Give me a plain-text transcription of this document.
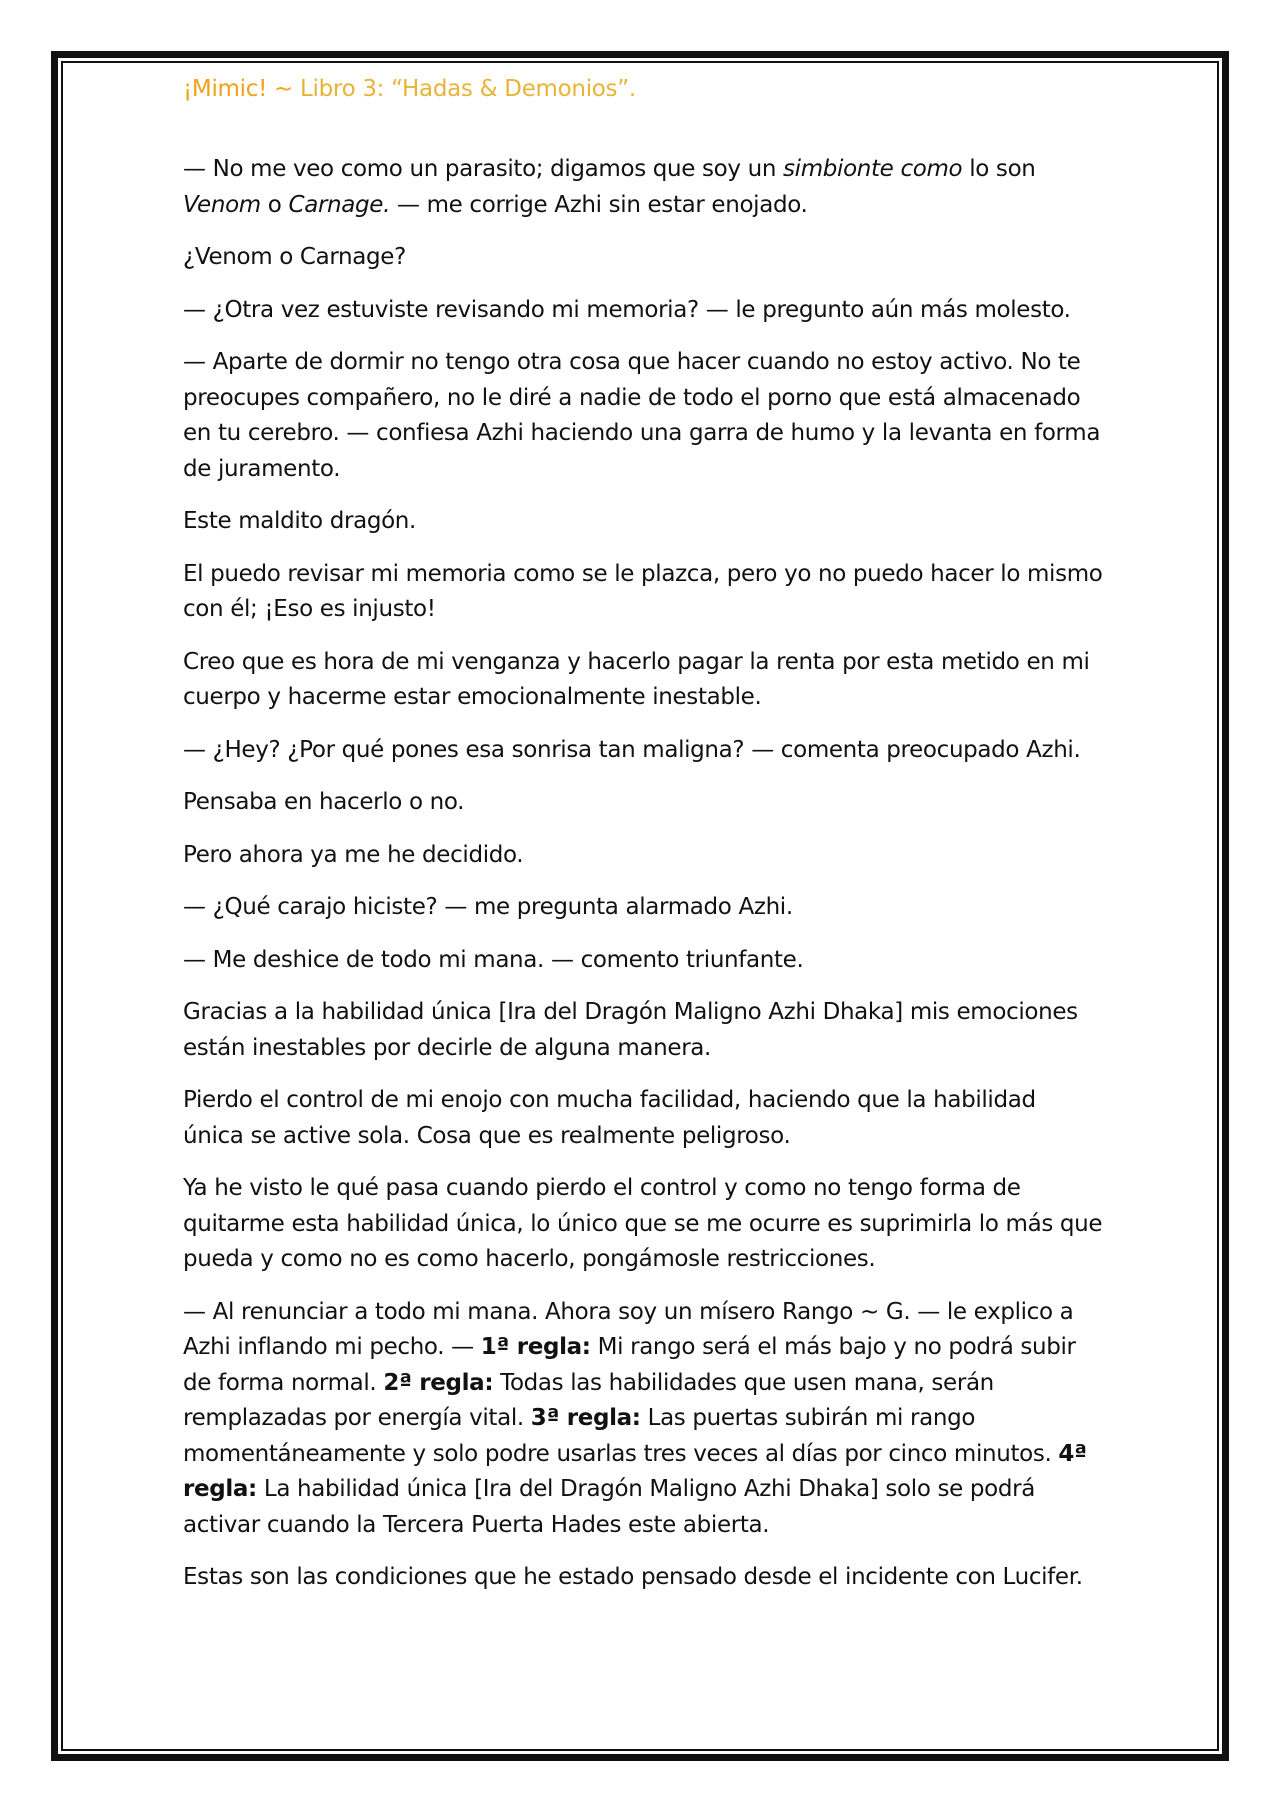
¡Mimic! ~ Libro 3: “Hadas & Demonios”.

— No me veo como un parasito; digamos que soy un simbionte como lo son Venom o Carnage. — me corrige Azhi sin estar enojado.

¿Venom o Carnage?

— ¿Otra vez estuviste revisando mi memoria? — le pregunto aún más molesto.

— Aparte de dormir no tengo otra cosa que hacer cuando no estoy activo. No te preocupes compañero, no le diré a nadie de todo el porno que está almacenado en tu cerebro. — confiesa Azhi haciendo una garra de humo y la levanta en forma de juramento.

Este maldito dragón.

El puedo revisar mi memoria como se le plazca, pero yo no puedo hacer lo mismo con él; ¡Eso es injusto!

Creo que es hora de mi venganza y hacerlo pagar la renta por esta metido en mi cuerpo y hacerme estar emocionalmente inestable.

— ¿Hey? ¿Por qué pones esa sonrisa tan maligna? — comenta preocupado Azhi.

Pensaba en hacerlo o no.

Pero ahora ya me he decidido.

— ¿Qué carajo hiciste? — me pregunta alarmado Azhi.

— Me deshice de todo mi mana. — comento triunfante.

Gracias a la habilidad única [Ira del Dragón Maligno Azhi Dhaka] mis emociones están inestables por decirle de alguna manera.

Pierdo el control de mi enojo con mucha facilidad, haciendo que la habilidad única se active sola. Cosa que es realmente peligroso.

Ya he visto le qué pasa cuando pierdo el control y como no tengo forma de quitarme esta habilidad única, lo único que se me ocurre es suprimirla lo más que pueda y como no es como hacerlo, pongámosle restricciones.

— Al renunciar a todo mi mana. Ahora soy un mísero Rango ~ G. — le explico a Azhi inflando mi pecho. — 1ª regla: Mi rango será el más bajo y no podrá subir de forma normal. 2ª regla: Todas las habilidades que usen mana, serán remplazadas por energía vital. 3ª regla: Las puertas subirán mi rango momentáneamente y solo podre usarlas tres veces al días por cinco minutos. 4ª regla: La habilidad única [Ira del Dragón Maligno Azhi Dhaka] solo se podrá activar cuando la Tercera Puerta Hades este abierta.

Estas son las condiciones que he estado pensado desde el incidente con Lucifer.
